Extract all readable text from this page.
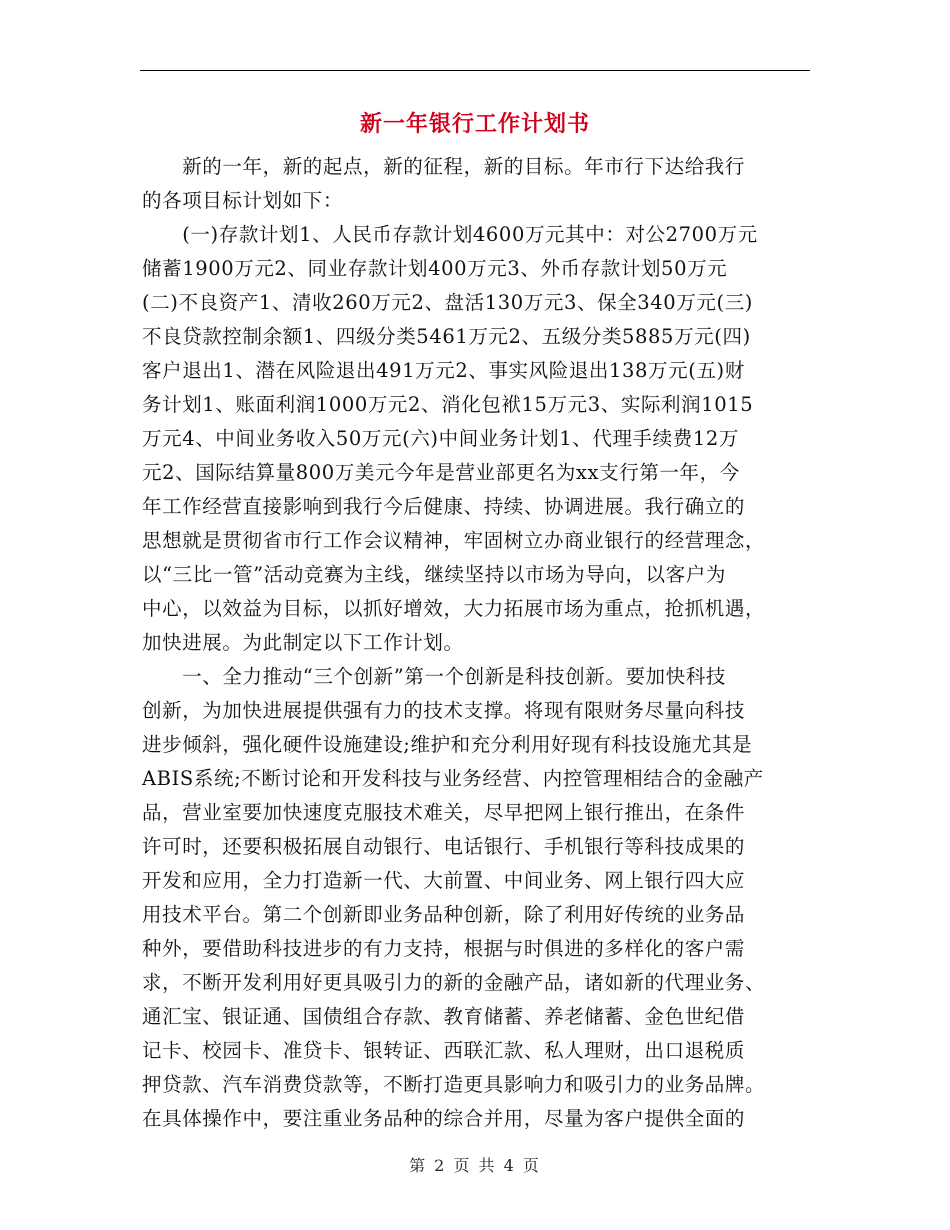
新一年银行工作计划书
　　新的一年，新的起点，新的征程，新的目标。年市行下达给我行
的各项目标计划如下：
　　(一)存款计划1、人民币存款计划4600万元其中：对公2700万元
储蓄1900万元2、同业存款计划400万元3、外币存款计划50万元
(二)不良资产1、清收260万元2、盘活130万元3、保全340万元(三)
不良贷款控制余额1、四级分类5461万元2、五级分类5885万元(四)
客户退出1、潜在风险退出491万元2、事实风险退出138万元(五)财
务计划1、账面利润1000万元2、消化包袱15万元3、实际利润1015
万元4、中间业务收入50万元(六)中间业务计划1、代理手续费12万
元2、国际结算量800万美元今年是营业部更名为xx支行第一年，今
年工作经营直接影响到我行今后健康、持续、协调进展。我行确立的
思想就是贯彻省市行工作会议精神，牢固树立办商业银行的经营理念，
以“三比一管”活动竞赛为主线，继续坚持以市场为导向，以客户为
中心，以效益为目标，以抓好增效，大力拓展市场为重点，抢抓机遇，
加快进展。为此制定以下工作计划。
　　一、全力推动“三个创新”第一个创新是科技创新。要加快科技
创新，为加快进展提供强有力的技术支撑。将现有限财务尽量向科技
进步倾斜，强化硬件设施建设;维护和充分利用好现有科技设施尤其是
ABIS系统;不断讨论和开发科技与业务经营、内控管理相结合的金融产
品，营业室要加快速度克服技术难关，尽早把网上银行推出，在条件
许可时，还要积极拓展自动银行、电话银行、手机银行等科技成果的
开发和应用，全力打造新一代、大前置、中间业务、网上银行四大应
用技术平台。第二个创新即业务品种创新，除了利用好传统的业务品
种外，要借助科技进步的有力支持，根据与时俱进的多样化的客户需
求，不断开发利用好更具吸引力的新的金融产品，诸如新的代理业务、
通汇宝、银证通、国债组合存款、教育储蓄、养老储蓄、金色世纪借
记卡、校园卡、准贷卡、银转证、西联汇款、私人理财，出口退税质
押贷款、汽车消费贷款等，不断打造更具影响力和吸引力的业务品牌。
在具体操作中，要注重业务品种的综合并用，尽量为客户提供全面的
第 2 页 共 4 页
